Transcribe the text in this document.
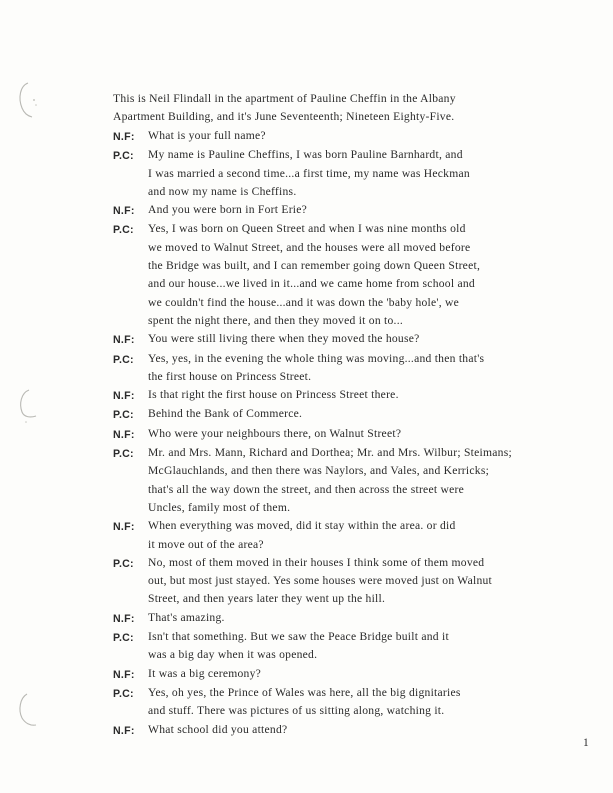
This is Neil Flindall in the apartment of Pauline Cheffin in the Albany
Apartment Building, and it's June Seventeenth; Nineteen Eighty-Five.
N.F:	What is your full name?
P.C:	My name is Pauline Cheffins, I was born Pauline Barnhardt, and
I was married a second time...a first time, my name was Heckman
and now my name is Cheffins.
N.F:	And you were born in Fort Erie?
P.C:	Yes, I was born on Queen Street and when I was nine months old
we moved to Walnut Street, and the houses were all moved before
the Bridge was built, and I can remember going down Queen Street,
and our house...we lived in it...and we came home from school and
we couldn't find the house...and it was down the 'baby hole', we
spent the night there, and then they moved it on to...
N.F:	You were still living there when they moved the house?
P.C:	Yes, yes, in the evening the whole thing was moving...and then that's
the first house on Princess Street.
N.F:	Is that right the first house on Princess Street there.
P.C:	Behind the Bank of Commerce.
N.F:	Who were your neighbours there, on Walnut Street?
P.C:	Mr. and Mrs. Mann, Richard and Dorthea; Mr. and Mrs. Wilbur; Steimans;
McGlauchlands, and then there was Naylors, and Vales, and Kerricks;
that's all the way down the street, and then across the street were
Uncles, family most of them.
N.F:	When everything was moved, did it stay within the area. or did
it move out of the area?
P.C:	No, most of them moved in their houses I think some of them moved
out, but most just stayed. Yes some houses were moved just on Walnut
Street, and then years later they went up the hill.
N.F:	That's amazing.
P.C:	Isn't that something. But we saw the Peace Bridge built and it
was a big day when it was opened.
N.F:	It was a big ceremony?
P.C:	Yes, oh yes, the Prince of Wales was here, all the big dignitaries
and stuff. There was pictures of us sitting along, watching it.
N.F:	What school did you attend?
1
